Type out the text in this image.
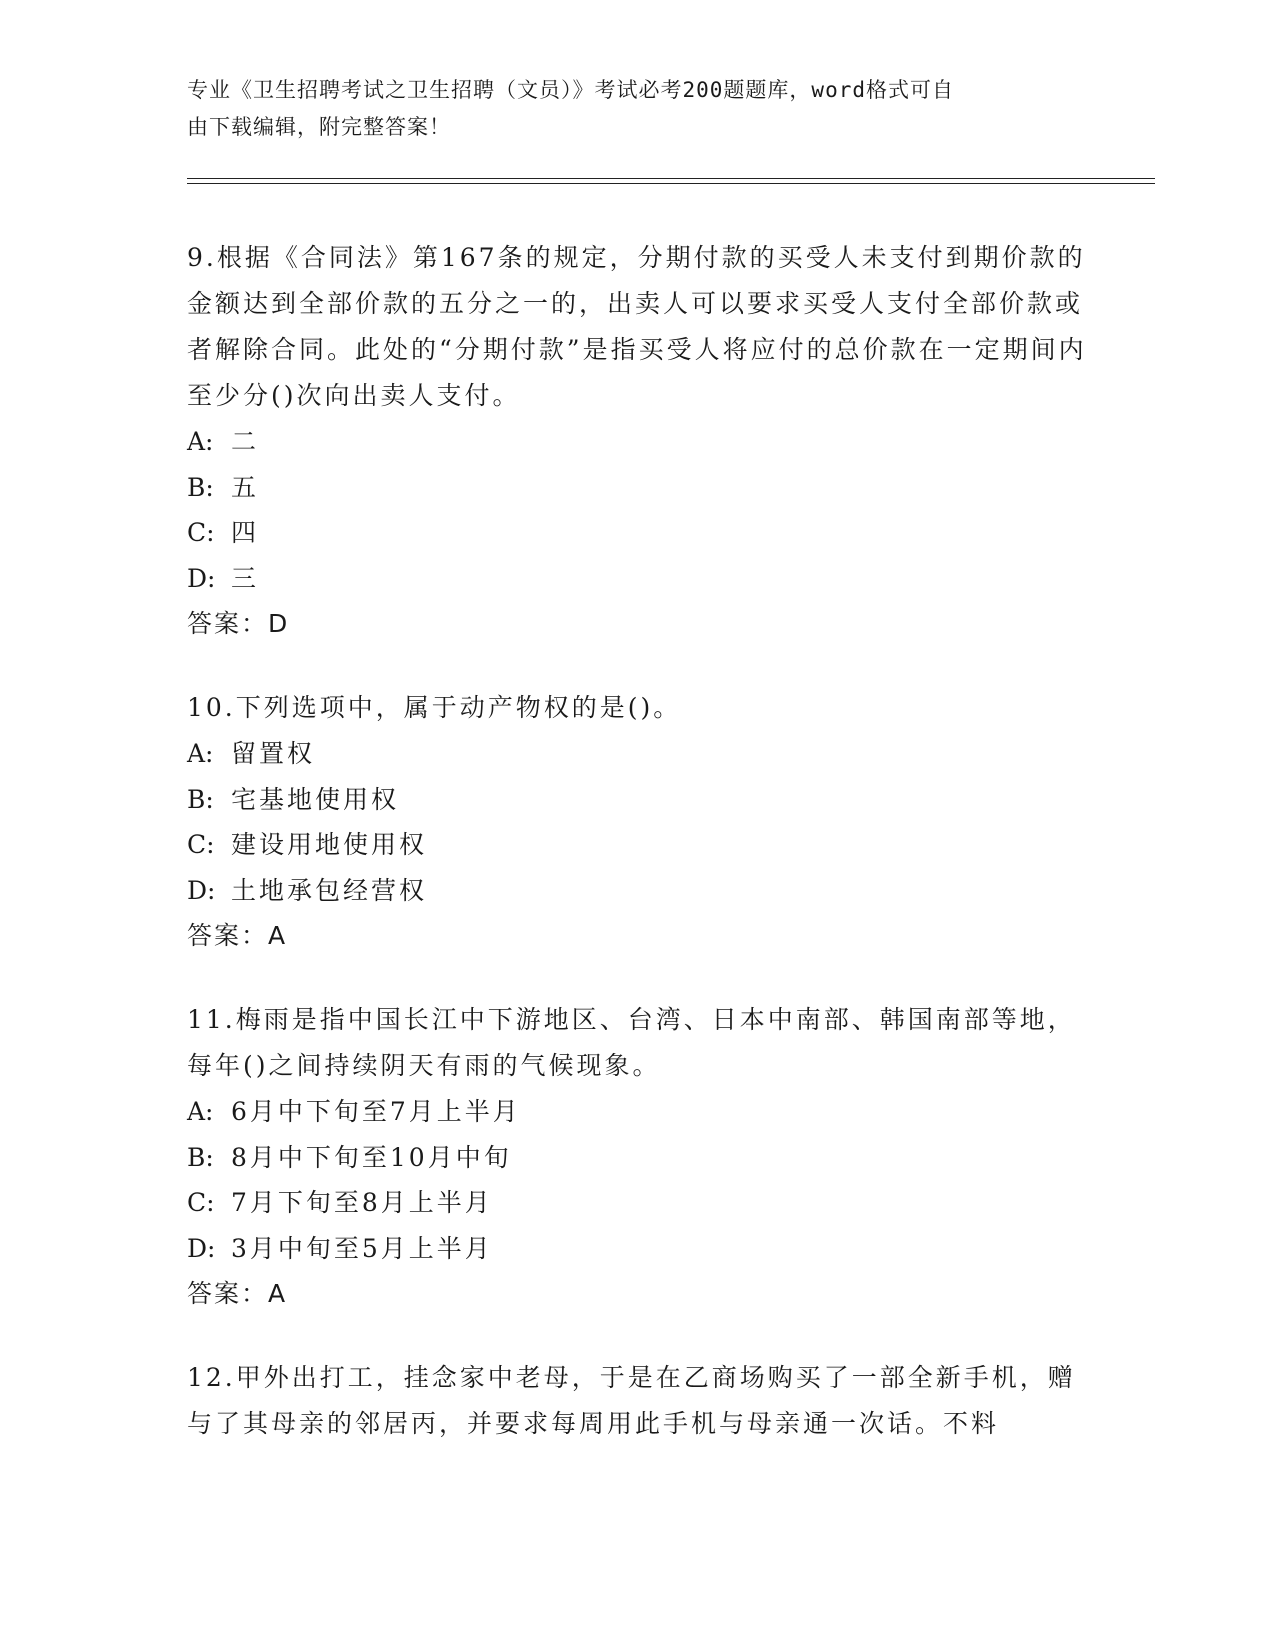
专业《卫生招聘考试之卫生招聘（文员）》考试必考200题题库，word格式可自
由下载编辑，附完整答案！
9.根据《合同法》第167条的规定，分期付款的买受人未支付到期价款的金额达到全部价款的五分之一的，出卖人可以要求买受人支付全部价款或者解除合同。此处的“分期付款”是指买受人将应付的总价款在一定期间内至少分()次向出卖人支付。
A: 二
B: 五
C: 四
D: 三
答案：D
10.下列选项中，属于动产物权的是()。
A: 留置权
B: 宅基地使用权
C: 建设用地使用权
D: 土地承包经营权
答案：A
11.梅雨是指中国长江中下游地区、台湾、日本中南部、韩国南部等地，每年()之间持续阴天有雨的气候现象。
A: 6月中下旬至7月上半月
B: 8月中下旬至10月中旬
C: 7月下旬至8月上半月
D: 3月中旬至5月上半月
答案：A
12.甲外出打工，挂念家中老母，于是在乙商场购买了一部全新手机，赠与了其母亲的邻居丙，并要求每周用此手机与母亲通一次话。不料
